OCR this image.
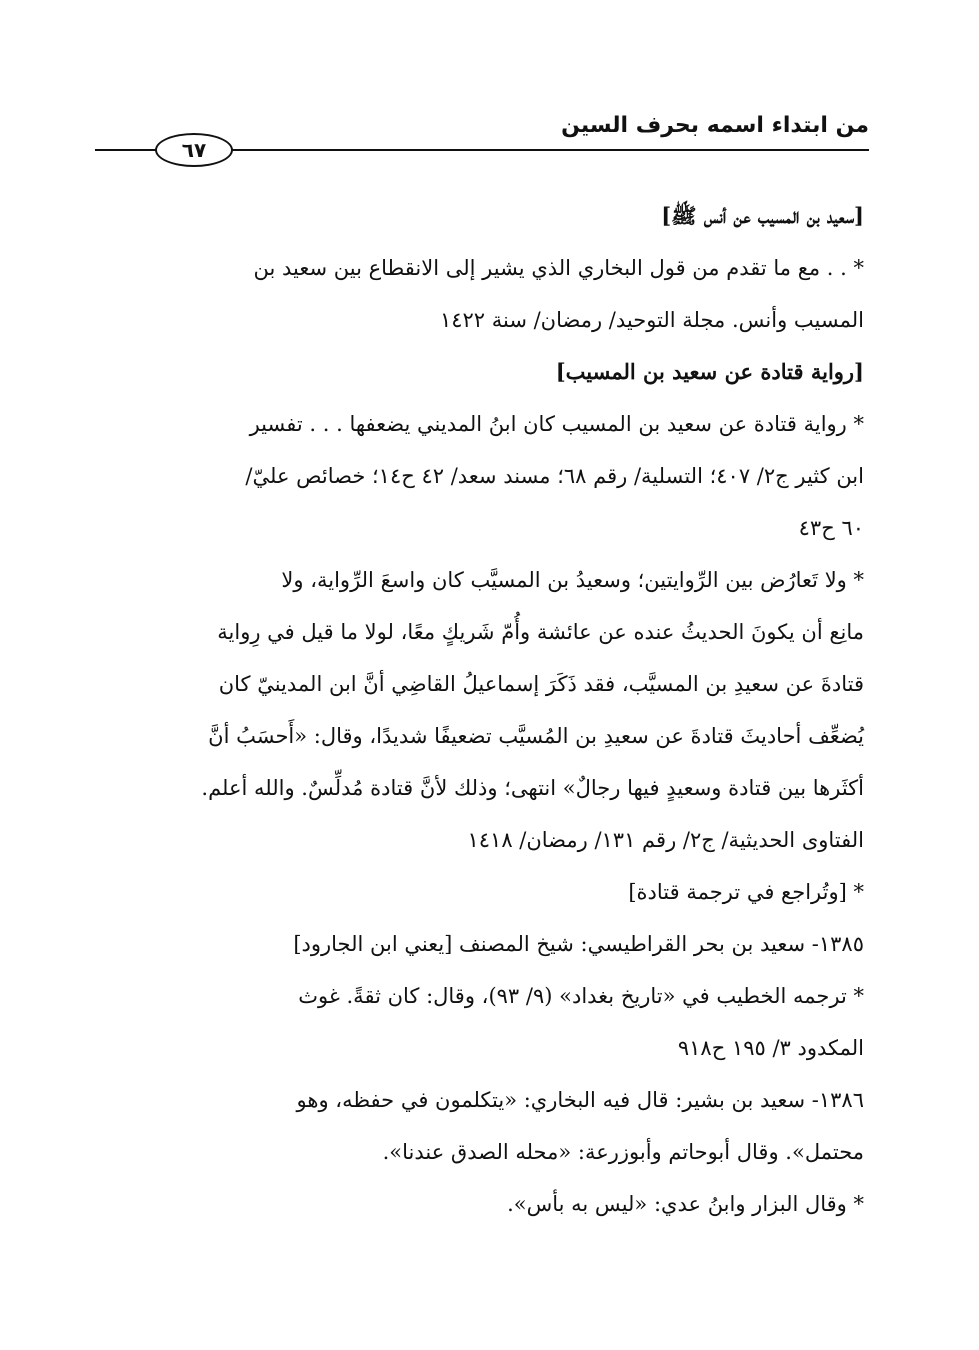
من ابتداء اسمه بحرف السين
٦٧
[سعيد بن المسيب عن أنس ﷺ]
* . . مع ما تقدم من قول البخاري الذي يشير إلى الانقطاع بين سعيد بن
المسيب وأنس. مجلة التوحيد/ رمضان/ سنة ١٤٢٢
[رواية قتادة عن سعيد بن المسيب]
* رواية قتادة عن سعيد بن المسيب كان ابنُ المديني يضعفها . . . تفسير
ابن كثير ج٢/ ٤٠٧؛ التسلية/ رقم ٦٨؛ مسند سعد/ ٤٢ ح١٤؛ خصائص عليّ/
٦٠ ح٤٣
* ولا تَعارُض بين الرِّوايتين؛ وسعيدُ بن المسيَّب كان واسعَ الرِّواية، ولا
مانِع أن يكونَ الحديثُ عنده عن عائشة وأُمّ شَريكٍ معًا، لولا ما قيل في رِواية
قتادةَ عن سعيدِ بن المسيَّب، فقد ذَكَرَ إسماعيلُ القاضِي أنَّ ابن المدينيّ كان
يُضعِّف أحاديثَ قتادةَ عن سعيدِ بن المُسيَّب تضعيفًا شديدًا، وقال: «أَحسَبُ أنَّ
أكثَرها بين قتادة وسعيدٍ فيها رجالٌ» انتهى؛ وذلك لأنَّ قتادة مُدلِّسٌ. والله أعلم.
الفتاوى الحديثية/ ج٢/ رقم ١٣١/ رمضان/ ١٤١٨
* [وتُراجع في ترجمة قتادة]
١٣٨٥- سعيد بن بحر القراطيسي: شيخ المصنف [يعني ابن الجارود]
* ترجمه الخطيب في «تاريخ بغداد» (٩/ ٩٣)، وقال: كان ثقةً. غوث
المكدود ٣/ ١٩٥ ح٩١٨
١٣٨٦- سعيد بن بشير: قال فيه البخاري: «يتكلمون في حفظه، وهو
محتمل». وقال أبوحاتم وأبوزرعة: «محله الصدق عندنا».
* وقال البزار وابنُ عدي: «ليس به بأس».
